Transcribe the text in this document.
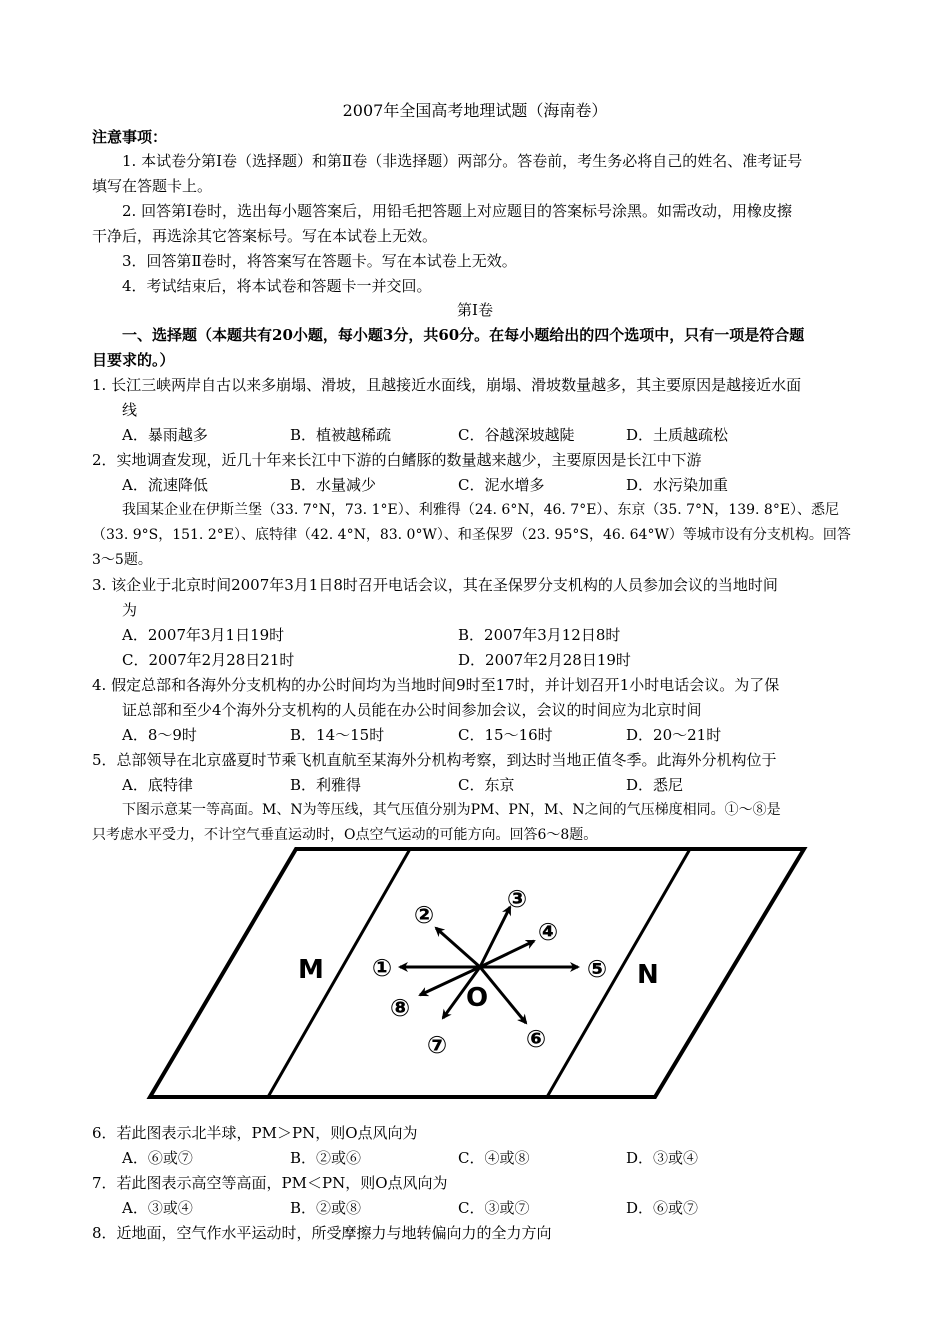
2007年全国高考地理试题（海南卷）
注意事项：
1. 本试卷分第Ⅰ卷（选择题）和第Ⅱ卷（非选择题）两部分。答卷前，考生务必将自己的姓名、准考证号
填写在答题卡上。
2. 回答第Ⅰ卷时，选出每小题答案后，用铅毛把答题上对应题目的答案标号涂黑。如需改动，用橡皮擦
干净后，再选涂其它答案标号。写在本试卷上无效。
3．回答第Ⅱ卷时，将答案写在答题卡。写在本试卷上无效。
4．考试结束后，将本试卷和答题卡一并交回。
第Ⅰ卷
一、选择题（本题共有20小题，每小题3分，共60分。在每小题给出的四个选项中，只有一项是符合题
目要求的。）
1. 长江三峡两岸自古以来多崩塌、滑坡，且越接近水面线，崩塌、滑坡数量越多，其主要原因是越接近水面
线
A．暴雨越多	B．植被越稀疏	C．谷越深坡越陡	D．土质越疏松
2．实地调查发现，近几十年来长江中下游的白鳍豚的数量越来越少，主要原因是长江中下游
A．流速降低	B．水量减少	C．泥水增多	D．水污染加重
我国某企业在伊斯兰堡（33. 7°N，73. 1°E）、利雅得（24. 6°N，46. 7°E）、东京（35. 7°N，139. 8°E）、悉尼
（33. 9°S，151. 2°E）、底特律（42. 4°N，83. 0°W）、和圣保罗（23. 95°S，46. 64°W）等城市设有分支机构。回答
3～5题。
3. 该企业于北京时间2007年3月1日8时召开电话会议，其在圣保罗分支机构的人员参加会议的当地时间
为
A．2007年3月1日19时	B．2007年3月12日8时
C．2007年2月28日21时	D．2007年2月28日19时
4. 假定总部和各海外分支机构的办公时间均为当地时间9时至17时，并计划召开1小时电话会议。为了保
证总部和至少4个海外分支机构的人员能在办公时间参加会议，会议的时间应为北京时间
A．8～9时	B．14～15时	C．15～16时	D．20～21时
5．总部领导在北京盛夏时节乘飞机直航至某海外分机构考察，到达时当地正值冬季。此海外分机构位于
A．底特律	B．利雅得	C．东京	D．悉尼
下图示意某一等高面。M、N为等压线，其气压值分别为PM、PN，M、N之间的气压梯度相同。①～⑧是
只考虑水平受力，不计空气垂直运动时，O点空气运动的可能方向。回答6～8题。
M	N
O
①
②
③
④
⑤
⑥
⑦
⑧
6．若此图表示北半球，PM＞PN，则O点风向为
A．⑥或⑦	B．②或⑥	C．④或⑧	D．③或④
7．若此图表示高空等高面，PM＜PN，则O点风向为
A．③或④	B．②或⑧	C．③或⑦	D．⑥或⑦
8．近地面，空气作水平运动时，所受摩擦力与地转偏向力的全力方向
